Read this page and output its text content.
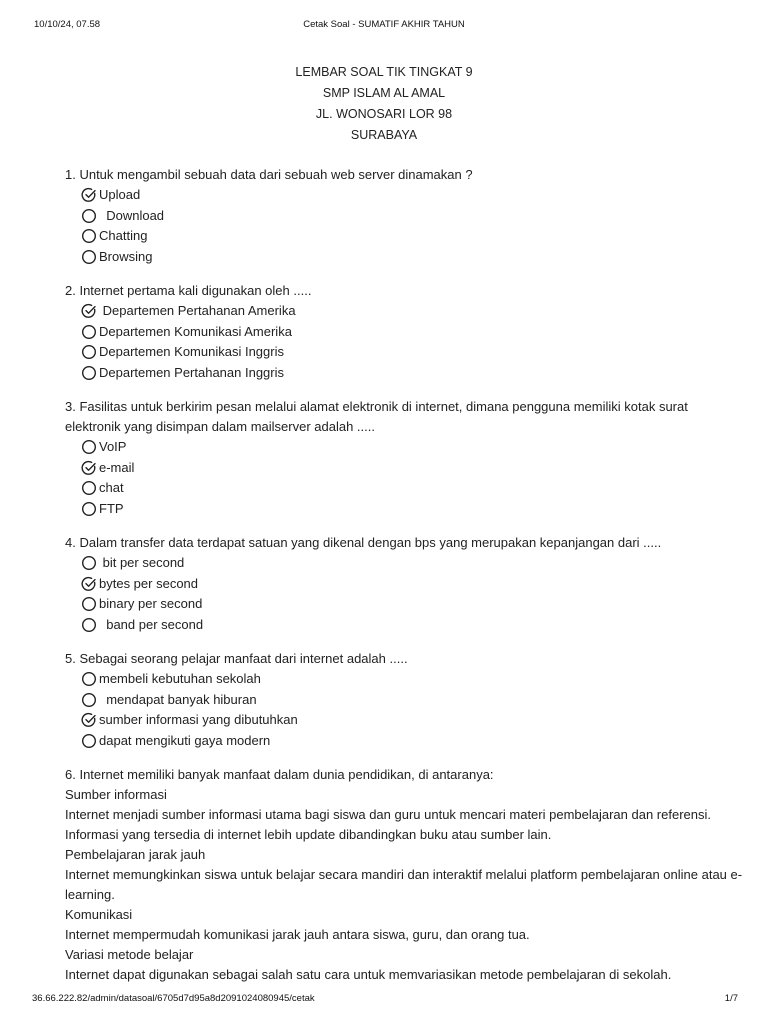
10/10/24, 07.58	Cetak Soal - SUMATIF AKHIR TAHUN
LEMBAR SOAL TIK TINGKAT 9
SMP ISLAM AL AMAL
JL. WONOSARI LOR 98
SURABAYA

1. Untuk mengambil sebuah data dari sebuah web server dinamakan ?

Upload
Download
Chatting
Browsing

2. Internet pertama kali digunakan oleh .....

Departemen Pertahanan Amerika
Departemen Komunikasi Amerika
Departemen Komunikasi Inggris
Departemen Pertahanan Inggris

3. Fasilitas untuk berkirim pesan melalui alamat elektronik di internet, dimana pengguna memiliki kotak surat elektronik yang disimpan dalam mailserver adalah .....

VoIP
e-mail
chat
FTP

4. Dalam transfer data terdapat satuan yang dikenal dengan bps yang merupakan kepanjangan dari .....

bit per second
bytes per second
binary per second
band per second

5. Sebagai seorang pelajar manfaat dari internet adalah .....

membeli kebutuhan sekolah
mendapat banyak hiburan
sumber informasi yang dibutuhkan
dapat mengikuti gaya modern

6. Internet memiliki banyak manfaat dalam dunia pendidikan, di antaranya:

Sumber informasi

Internet menjadi sumber informasi utama bagi siswa dan guru untuk mencari materi pembelajaran dan referensi. Informasi yang tersedia di internet lebih update dibandingkan buku atau sumber lain.

Pembelajaran jarak jauh

Internet memungkinkan siswa untuk belajar secara mandiri dan interaktif melalui platform pembelajaran online atau e-learning.

Komunikasi

Internet mempermudah komunikasi jarak jauh antara siswa, guru, dan orang tua.

Variasi metode belajar

Internet dapat digunakan sebagai salah satu cara untuk memvariasikan metode pembelajaran di sekolah.

36.66.222.82/admin/datasoal/6705d7d95a8d2091024080945/cetak	1/7
